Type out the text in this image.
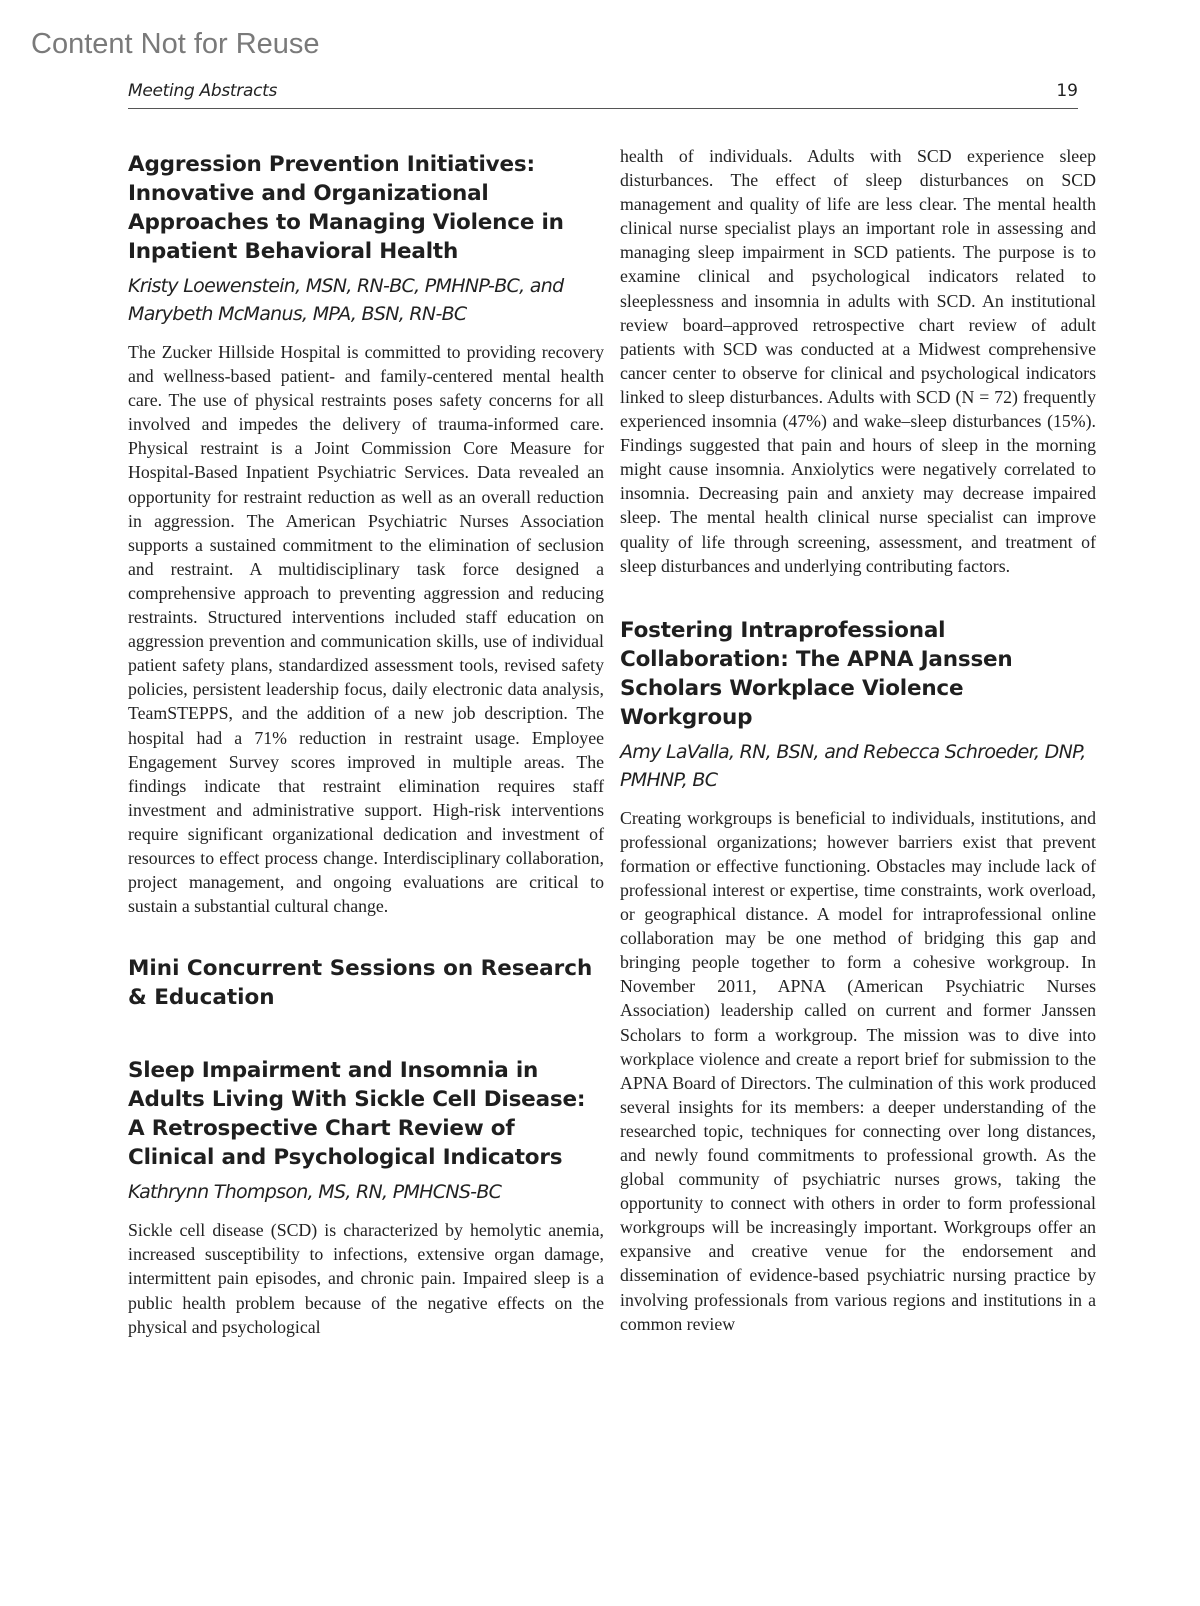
Content Not for Reuse
Meeting Abstracts	19
Aggression Prevention Initiatives: Innovative and Organizational Approaches to Managing Violence in Inpatient Behavioral Health
Kristy Loewenstein, MSN, RN-BC, PMHNP-BC, and Marybeth McManus, MPA, BSN, RN-BC

The Zucker Hillside Hospital is committed to providing recovery and wellness-based patient- and family-centered mental health care. The use of physical restraints poses safety concerns for all involved and impedes the delivery of trauma-informed care. Physical restraint is a Joint Commission Core Measure for Hospital-Based Inpatient Psychiatric Services. Data revealed an opportunity for restraint reduction as well as an overall reduction in aggression. The American Psychiatric Nurses Association supports a sustained commitment to the elimination of seclusion and restraint. A multidisciplinary task force designed a comprehensive approach to preventing aggression and reducing restraints. Structured interventions included staff education on aggression prevention and communication skills, use of individual patient safety plans, standardized assessment tools, revised safety policies, persistent leadership focus, daily electronic data analysis, TeamSTEPPS, and the addition of a new job description. The hospital had a 71% reduction in restraint usage. Employee Engagement Survey scores improved in multiple areas. The findings indicate that restraint elimination requires staff investment and administrative support. High-risk interventions require significant organizational dedication and investment of resources to effect process change. Interdisciplinary collaboration, project management, and ongoing evaluations are critical to sustain a substantial cultural change.

Mini Concurrent Sessions on Research & Education
Sleep Impairment and Insomnia in Adults Living With Sickle Cell Disease: A Retrospective Chart Review of Clinical and Psychological Indicators
Kathrynn Thompson, MS, RN, PMHCNS-BC

Sickle cell disease (SCD) is characterized by hemolytic anemia, increased susceptibility to infections, extensive organ damage, intermittent pain episodes, and chronic pain. Impaired sleep is a public health problem because of the negative effects on the physical and psychological

health of individuals. Adults with SCD experience sleep disturbances. The effect of sleep disturbances on SCD management and quality of life are less clear. The mental health clinical nurse specialist plays an important role in assessing and managing sleep impairment in SCD patients. The purpose is to examine clinical and psychological indicators related to sleeplessness and insomnia in adults with SCD. An institutional review board–approved retrospective chart review of adult patients with SCD was conducted at a Midwest comprehensive cancer center to observe for clinical and psychological indicators linked to sleep disturbances. Adults with SCD (N = 72) frequently experienced insomnia (47%) and wake–sleep disturbances (15%). Findings suggested that pain and hours of sleep in the morning might cause insomnia. Anxiolytics were negatively correlated to insomnia. Decreasing pain and anxiety may decrease impaired sleep. The mental health clinical nurse specialist can improve quality of life through screening, assessment, and treatment of sleep disturbances and underlying contributing factors.

Fostering Intraprofessional Collaboration: The APNA Janssen Scholars Workplace Violence Workgroup
Amy LaValla, RN, BSN, and Rebecca Schroeder, DNP, PMHNP, BC

Creating workgroups is beneficial to individuals, institutions, and professional organizations; however barriers exist that prevent formation or effective functioning. Obstacles may include lack of professional interest or expertise, time constraints, work overload, or geographical distance. A model for intraprofessional online collaboration may be one method of bridging this gap and bringing people together to form a cohesive workgroup. In November 2011, APNA (American Psychiatric Nurses Association) leadership called on current and former Janssen Scholars to form a workgroup. The mission was to dive into workplace violence and create a report brief for submission to the APNA Board of Directors. The culmination of this work produced several insights for its members: a deeper understanding of the researched topic, techniques for connecting over long distances, and newly found commitments to professional growth. As the global community of psychiatric nurses grows, taking the opportunity to connect with others in order to form professional workgroups will be increasingly important. Workgroups offer an expansive and creative venue for the endorsement and dissemination of evidence-based psychiatric nursing practice by involving professionals from various regions and institutions in a common review
